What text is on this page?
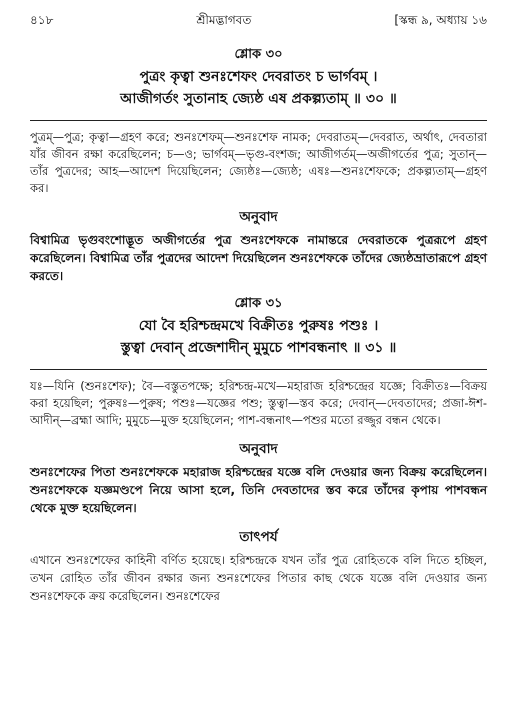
৪১৮	শ্রীমদ্ভাগবত	[স্কন্ধ ৯, অধ্যায় ১৬
শ্লোক ৩০
পুত্রং কৃত্বা শুনঃশেফং দেবরাতং চ ভার্গবম্ ।
আজীগর্তং সুতানাহ জ্যেষ্ঠ এষ প্রকল্প্যতাম্ ॥ ৩০ ॥
পুত্রম্—পুত্র; কৃত্বা—গ্রহণ করে; শুনঃশেফম্—শুনঃশেফ নামক; দেবরাতম্—দেবরাত, অর্থাৎ, দেবতারা যাঁর জীবন রক্ষা করেছিলেন; চ—ও; ভার্গবম্—ভৃগু-বংশজ; আজীগর্তম্—অজীগর্তের পুত্র; সুতান্—তাঁর পুত্রদের; আহ—আদেশ দিয়েছিলেন; জ্যেষ্ঠঃ—জ্যেষ্ঠ; এষঃ—শুনঃশেফকে; প্রকল্প্যতাম্—গ্রহণ কর।
অনুবাদ
বিশ্বামিত্র ভৃগুবংশোদ্ভূত অজীগর্তের পুত্র শুনঃশেফকে নামান্তরে দেবরাতকে পুত্ররূপে গ্রহণ করেছিলেন। বিশ্বামিত্র তাঁর পুত্রদের আদেশ দিয়েছিলেন শুনঃশেফকে তাঁদের জ্যেষ্ঠভ্রাতারূপে গ্রহণ করতে।
শ্লোক ৩১
যো বৈ হরিশ্চন্দ্রমখে বিক্রীতঃ পুরুষঃ পশুঃ ।
স্তুত্বা দেবান্ প্রজেশাদীন্ মুমুচে পাশবন্ধনাৎ ॥ ৩১ ॥
যঃ—যিনি (শুনঃশেফ); বৈ—বস্তুতপক্ষে; হরিশ্চন্দ্র-মখে—মহারাজ হরিশ্চন্দ্রের যজ্ঞে; বিক্রীতঃ—বিক্রয় করা হয়েছিল; পুরুষঃ—পুরুষ; পশুঃ—যজ্ঞের পশু; স্তুত্বা—স্তব করে; দেবান্—দেবতাদের; প্রজা-ঈশ-আদীন্—ব্রহ্মা আদি; মুমুচে—মুক্ত হয়েছিলেন; পাশ-বন্ধনাৎ—পশুর মতো রজ্জুর বন্ধন থেকে।
অনুবাদ
শুনঃশেফের পিতা শুনঃশেফকে মহারাজ হরিশ্চন্দ্রের যজ্ঞে বলি দেওয়ার জন্য বিক্রয় করেছিলেন। শুনঃশেফকে যজ্ঞমণ্ডপে নিয়ে আসা হলে, তিনি দেবতাদের স্তব করে তাঁদের কৃপায় পাশবন্ধন থেকে মুক্ত হয়েছিলেন।
তাৎপর্য
এখানে শুনঃশেফের কাহিনী বর্ণিত হয়েছে। হরিশ্চন্দ্রকে যখন তাঁর পুত্র রোহিতকে বলি দিতে হচ্ছিল, তখন রোহিত তাঁর জীবন রক্ষার জন্য শুনঃশেফের পিতার কাছ থেকে যজ্ঞে বলি দেওয়ার জন্য শুনঃশেফকে ক্রয় করেছিলেন। শুনঃশেফের
